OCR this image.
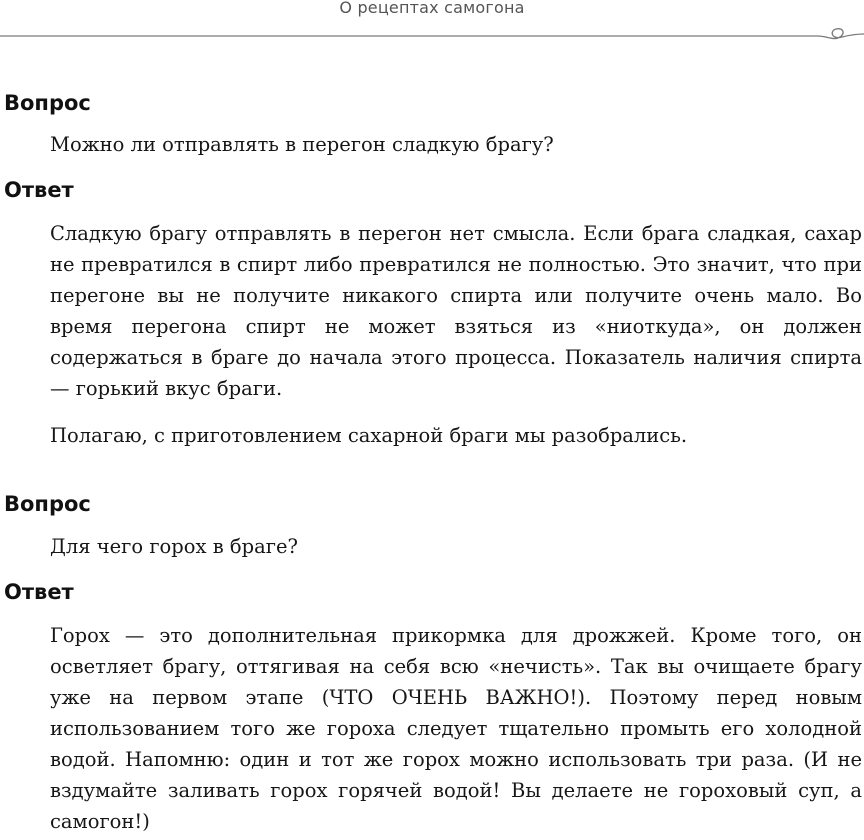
О рецептах самогона

Вопрос

Можно ли отправлять в перегон сладкую брагу?

Ответ

Сладкую брагу отправлять в перегон нет смысла. Если брага сладкая, сахар не превратился в спирт либо превратился не полностью. Это значит, что при перегоне вы не получите никакого спирта или получите очень мало. Во время перегона спирт не может взяться из «ниоткуда», он должен содержаться в браге до начала этого процесса. Показатель наличия спирта — горький вкус браги.

Полагаю, с приготовлением сахарной браги мы разобрались.

Вопрос

Для чего горох в браге?

Ответ

Горох — это дополнительная прикормка для дрожжей. Кроме того, он осветляет брагу, оттягивая на себя всю «нечисть». Так вы очищаете брагу уже на первом этапе (ЧТО ОЧЕНЬ ВАЖНО!). Поэтому перед новым использованием того же гороха следует тщательно промыть его холодной водой. Напомню: один и тот же горох можно использовать три раза. (И не вздумайте заливать горох горячей водой! Вы делаете не гороховый суп, а самогон!)
